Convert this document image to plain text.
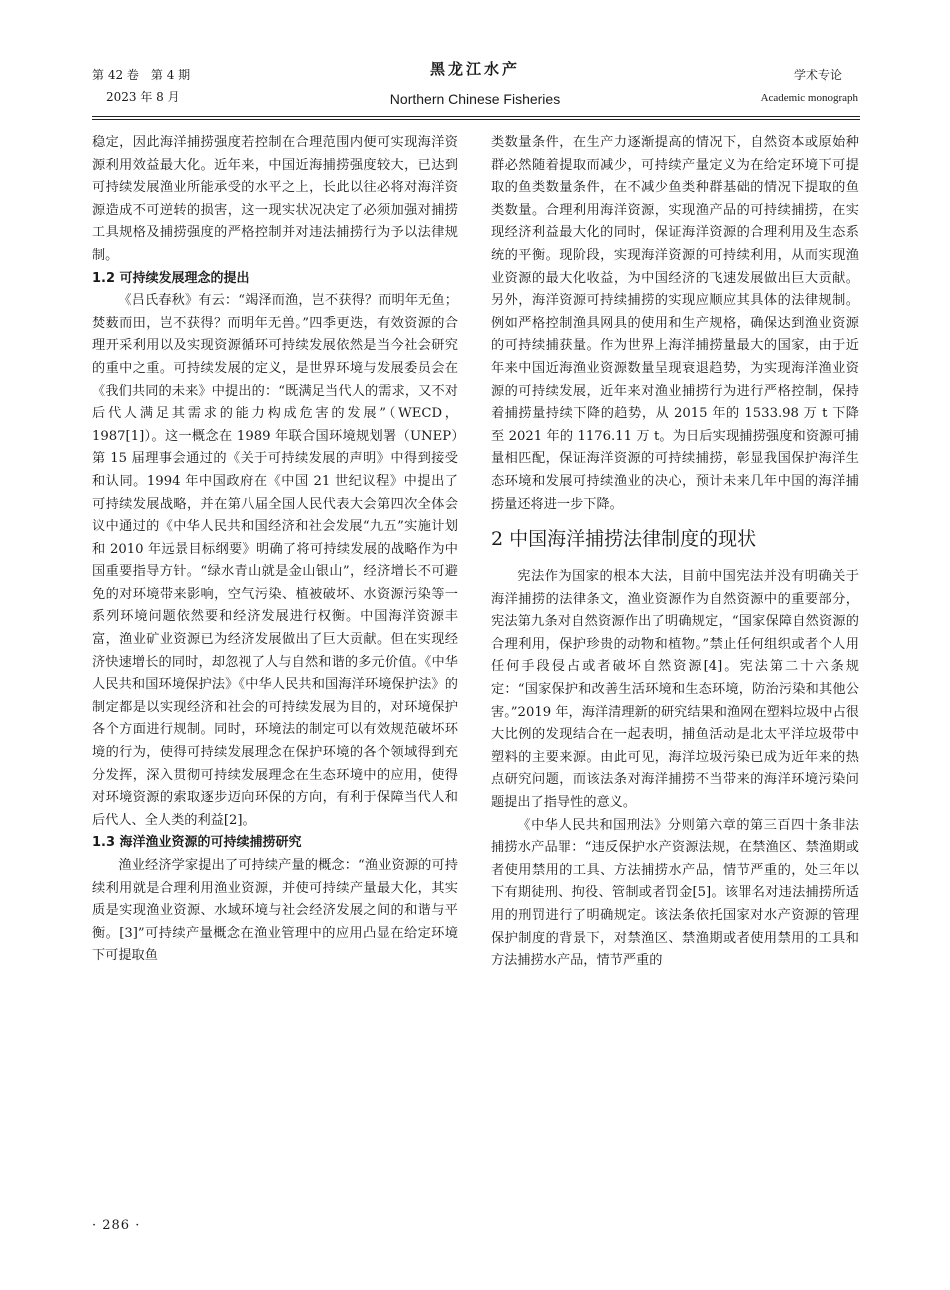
第 42 卷　第 4 期
2023 年 8 月
黑龙江水产
Northern Chinese Fisheries
学术专论
Academic monograph

稳定，因此海洋捕捞强度若控制在合理范围内便可实现海洋资源利用效益最大化。近年来，中国近海捕捞强度较大，已达到可持续发展渔业所能承受的水平之上，长此以往必将对海洋资源造成不可逆转的损害，这一现实状况决定了必须加强对捕捞工具规格及捕捞强度的严格控制并对违法捕捞行为予以法律规制。

1.2 可持续发展理念的提出

《吕氏春秋》有云：“竭泽而渔，岂不获得？而明年无鱼；焚薮而田，岂不获得？而明年无兽。”四季更迭，有效资源的合理开采利用以及实现资源循环可持续发展依然是当今社会研究的重中之重。可持续发展的定义，是世界环境与发展委员会在《我们共同的未来》中提出的：“既满足当代人的需求，又不对后代人满足其需求的能力构成危害的发展”（WECD，1987[1]）。这一概念在 1989 年联合国环境规划署（UNEP）第 15 届理事会通过的《关于可持续发展的声明》中得到接受和认同。1994 年中国政府在《中国 21 世纪议程》中提出了可持续发展战略，并在第八届全国人民代表大会第四次全体会议中通过的《中华人民共和国经济和社会发展“九五”实施计划和 2010 年远景目标纲要》明确了将可持续发展的战略作为中国重要指导方针。“绿水青山就是金山银山”，经济增长不可避免的对环境带来影响，空气污染、植被破坏、水资源污染等一系列环境问题依然要和经济发展进行权衡。中国海洋资源丰富，渔业矿业资源已为经济发展做出了巨大贡献。但在实现经济快速增长的同时，却忽视了人与自然和谐的多元价值。《中华人民共和国环境保护法》《中华人民共和国海洋环境保护法》的制定都是以实现经济和社会的可持续发展为目的，对环境保护各个方面进行规制。同时，环境法的制定可以有效规范破坏环境的行为，使得可持续发展理念在保护环境的各个领域得到充分发挥，深入贯彻可持续发展理念在生态环境中的应用，使得对环境资源的索取逐步迈向环保的方向，有利于保障当代人和后代人、全人类的利益[2]。

1.3 海洋渔业资源的可持续捕捞研究

渔业经济学家提出了可持续产量的概念：“渔业资源的可持续利用就是合理利用渔业资源，并使可持续产量最大化，其实质是实现渔业资源、水域环境与社会经济发展之间的和谐与平衡。[3]”可持续产量概念在渔业管理中的应用凸显在给定环境下可提取鱼

类数量条件，在生产力逐渐提高的情况下，自然资本或原始种群必然随着提取而减少，可持续产量定义为在给定环境下可提取的鱼类数量条件，在不减少鱼类种群基础的情况下提取的鱼类数量。合理利用海洋资源，实现渔产品的可持续捕捞，在实现经济利益最大化的同时，保证海洋资源的合理利用及生态系统的平衡。现阶段，实现海洋资源的可持续利用，从而实现渔业资源的最大化收益，为中国经济的飞速发展做出巨大贡献。另外，海洋资源可持续捕捞的实现应顺应其具体的法律规制。例如严格控制渔具网具的使用和生产规格，确保达到渔业资源的可持续捕获量。作为世界上海洋捕捞量最大的国家，由于近年来中国近海渔业资源数量呈现衰退趋势，为实现海洋渔业资源的可持续发展，近年来对渔业捕捞行为进行严格控制，保持着捕捞量持续下降的趋势，从 2015 年的 1533.98 万 t 下降至 2021 年的 1176.11 万 t。为日后实现捕捞强度和资源可捕量相匹配，保证海洋资源的可持续捕捞，彰显我国保护海洋生态环境和发展可持续渔业的决心，预计未来几年中国的海洋捕捞量还将进一步下降。

2 中国海洋捕捞法律制度的现状

宪法作为国家的根本大法，目前中国宪法并没有明确关于海洋捕捞的法律条文，渔业资源作为自然资源中的重要部分，宪法第九条对自然资源作出了明确规定，“国家保障自然资源的合理利用，保护珍贵的动物和植物。”禁止任何组织或者个人用任何手段侵占或者破坏自然资源[4]。宪法第二十六条规定：“国家保护和改善生活环境和生态环境，防治污染和其他公害。”2019 年，海洋清理新的研究结果和渔网在塑料垃圾中占很大比例的发现结合在一起表明，捕鱼活动是北太平洋垃圾带中塑料的主要来源。由此可见，海洋垃圾污染已成为近年来的热点研究问题，而该法条对海洋捕捞不当带来的海洋环境污染问题提出了指导性的意义。

《中华人民共和国刑法》分则第六章的第三百四十条非法捕捞水产品罪：“违反保护水产资源法规，在禁渔区、禁渔期或者使用禁用的工具、方法捕捞水产品，情节严重的，处三年以下有期徒刑、拘役、管制或者罚金[5]。该罪名对违法捕捞所适用的刑罚进行了明确规定。该法条依托国家对水产资源的管理保护制度的背景下，对禁渔区、禁渔期或者使用禁用的工具和方法捕捞水产品，情节严重的

· 286 ·
